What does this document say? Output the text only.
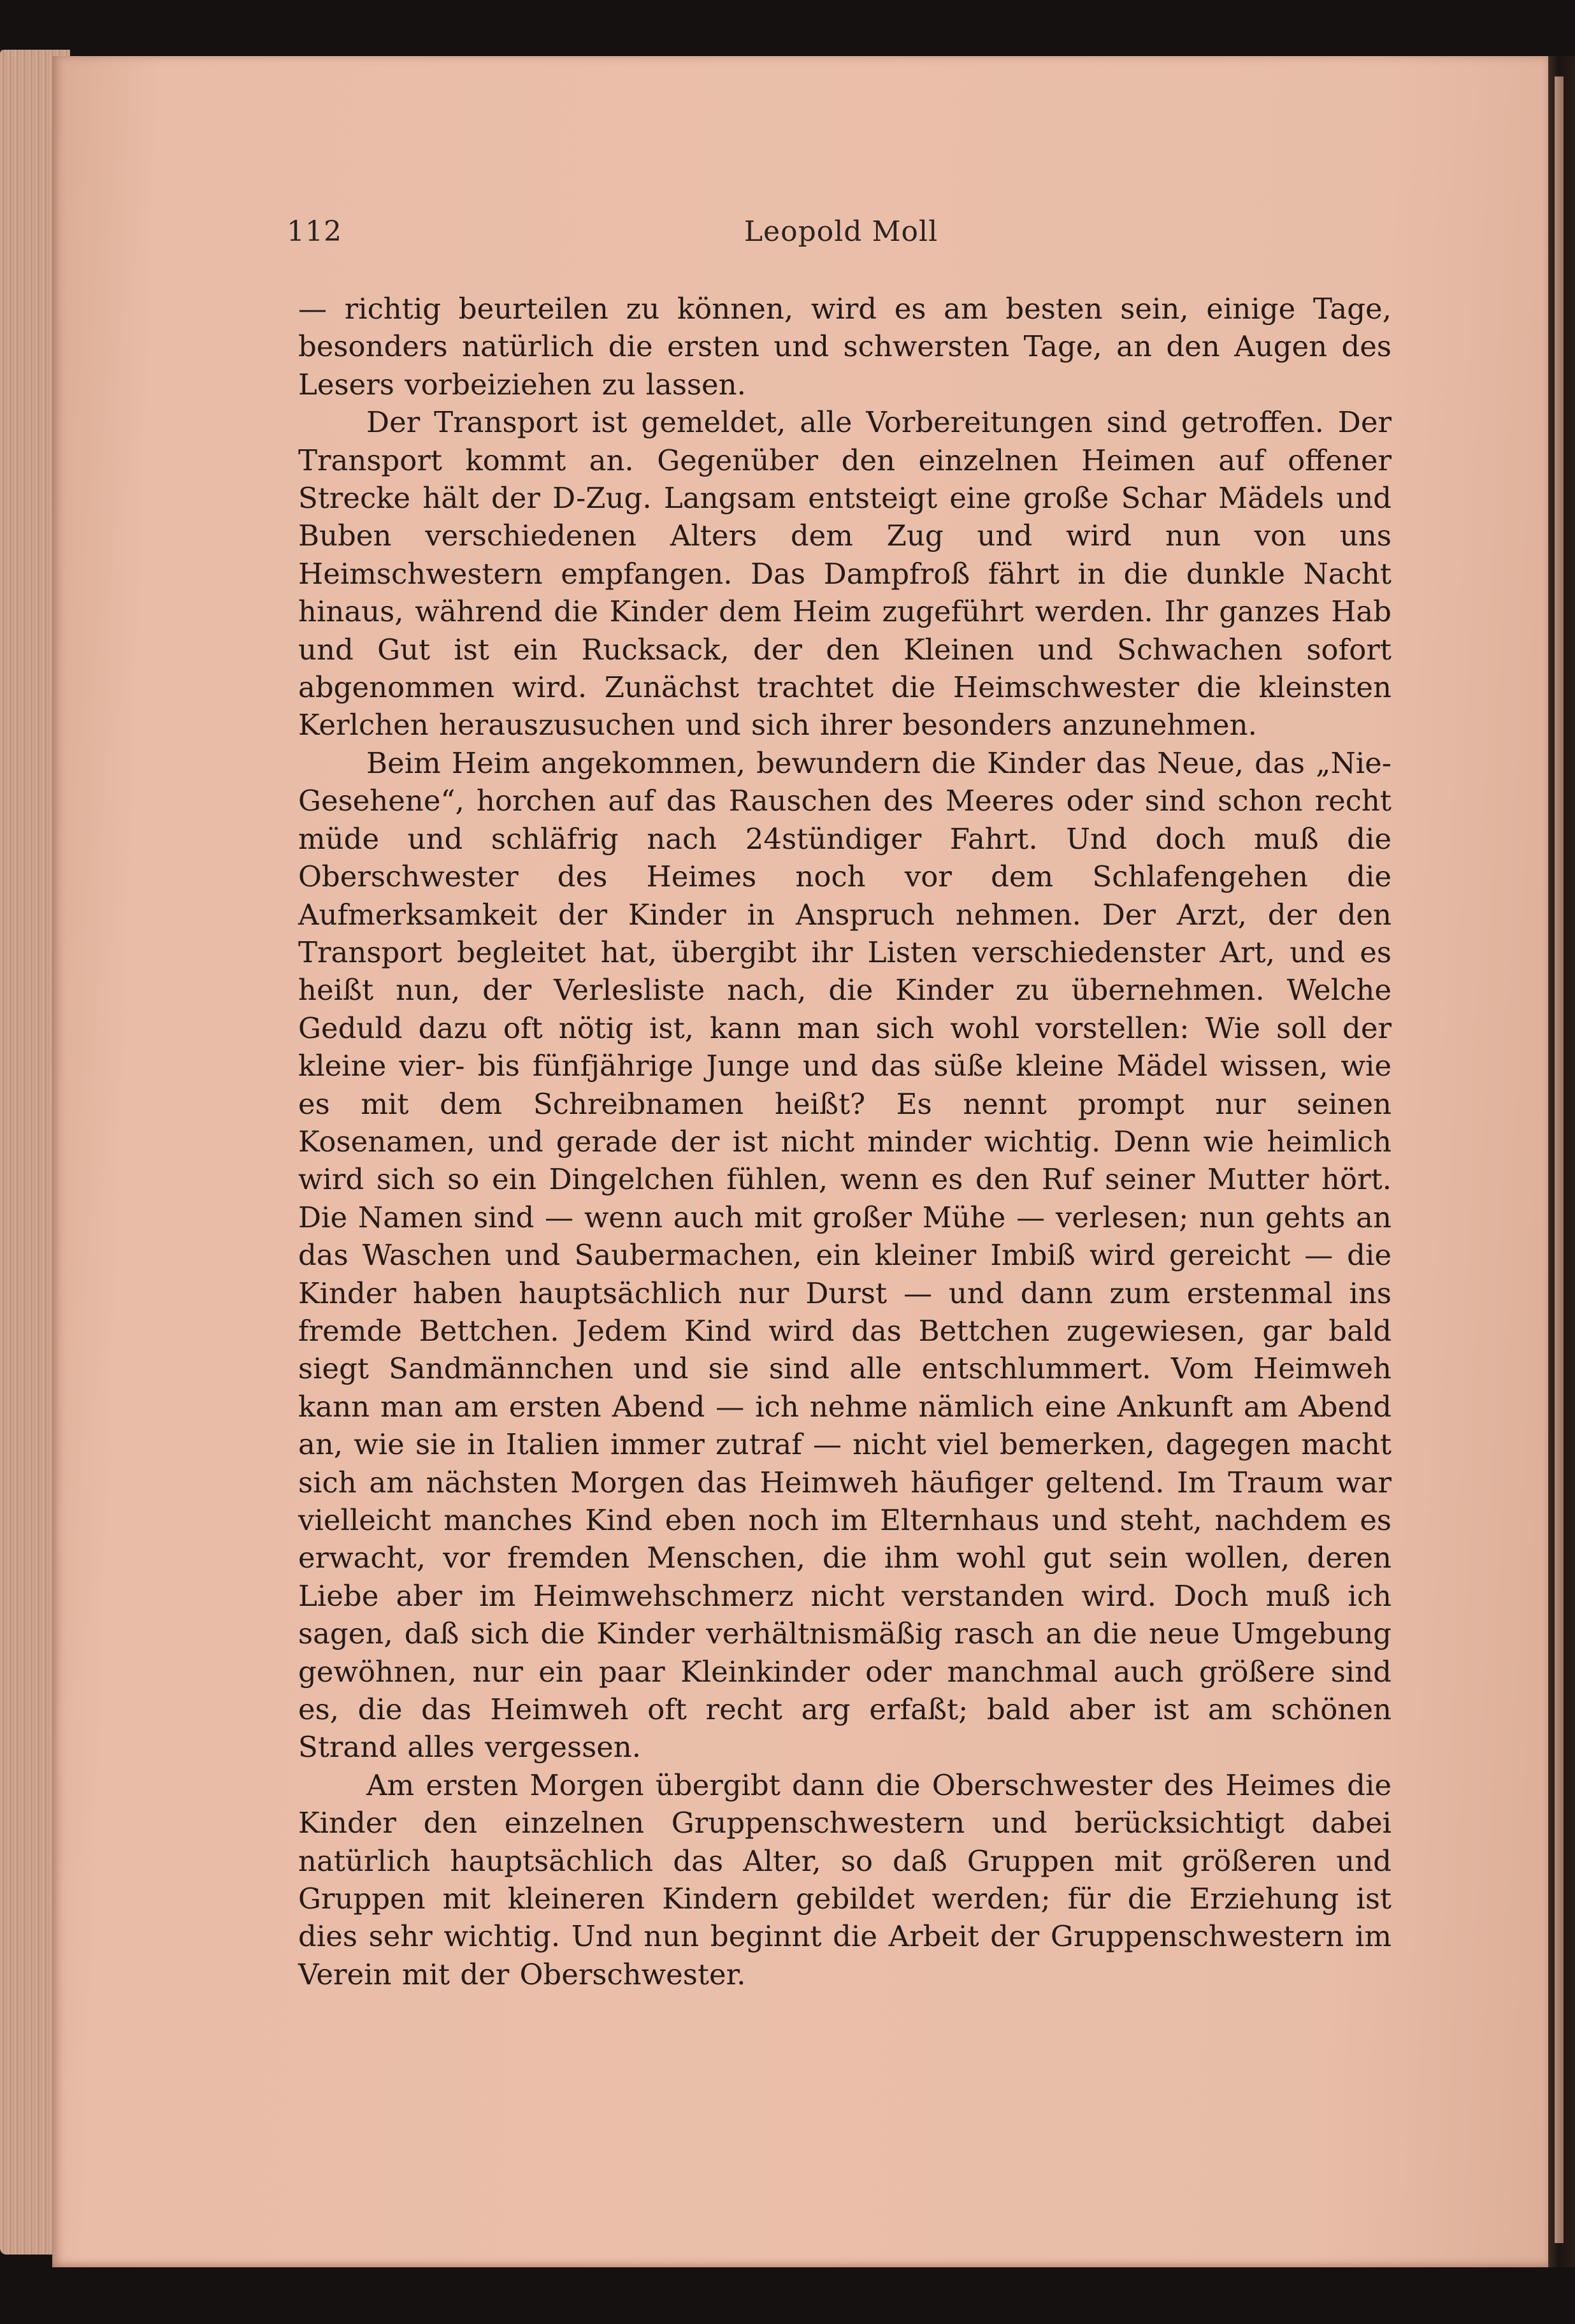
112	Leopold Moll

— richtig beurteilen zu können, wird es am besten sein, einige Tage, besonders natürlich die ersten und schwersten Tage, an den Augen des Lesers vorbeiziehen zu lassen.

Der Transport ist gemeldet, alle Vorbereitungen sind getroffen. Der Transport kommt an. Gegenüber den einzelnen Heimen auf offener Strecke hält der D-Zug. Langsam entsteigt eine große Schar Mädels und Buben verschiedenen Alters dem Zug und wird nun von uns Heimschwestern empfangen. Das Dampfroß fährt in die dunkle Nacht hinaus, während die Kinder dem Heim zugeführt werden. Ihr ganzes Hab und Gut ist ein Rucksack, der den Kleinen und Schwachen sofort abgenommen wird. Zunächst trachtet die Heimschwester die kleinsten Kerlchen herauszusuchen und sich ihrer besonders anzunehmen.

Beim Heim angekommen, bewundern die Kinder das Neue, das „Nie-Gesehene“, horchen auf das Rauschen des Meeres oder sind schon recht müde und schläfrig nach 24stündiger Fahrt. Und doch muß die Oberschwester des Heimes noch vor dem Schlafengehen die Aufmerksamkeit der Kinder in Anspruch nehmen. Der Arzt, der den Transport begleitet hat, übergibt ihr Listen verschiedenster Art, und es heißt nun, der Verlesliste nach, die Kinder zu übernehmen. Welche Geduld dazu oft nötig ist, kann man sich wohl vorstellen: Wie soll der kleine vier- bis fünfjährige Junge und das süße kleine Mädel wissen, wie es mit dem Schreibnamen heißt? Es nennt prompt nur seinen Kosenamen, und gerade der ist nicht minder wichtig. Denn wie heimlich wird sich so ein Dingelchen fühlen, wenn es den Ruf seiner Mutter hört. Die Namen sind — wenn auch mit großer Mühe — verlesen; nun gehts an das Waschen und Saubermachen, ein kleiner Imbiß wird gereicht — die Kinder haben hauptsächlich nur Durst — und dann zum erstenmal ins fremde Bettchen. Jedem Kind wird das Bettchen zugewiesen, gar bald siegt Sandmännchen und sie sind alle entschlummert. Vom Heimweh kann man am ersten Abend — ich nehme nämlich eine Ankunft am Abend an, wie sie in Italien immer zutraf — nicht viel bemerken, dagegen macht sich am nächsten Morgen das Heimweh häufiger geltend. Im Traum war vielleicht manches Kind eben noch im Elternhaus und steht, nachdem es erwacht, vor fremden Menschen, die ihm wohl gut sein wollen, deren Liebe aber im Heimwehschmerz nicht verstanden wird. Doch muß ich sagen, daß sich die Kinder verhältnismäßig rasch an die neue Umgebung gewöhnen, nur ein paar Kleinkinder oder manchmal auch größere sind es, die das Heimweh oft recht arg erfaßt; bald aber ist am schönen Strand alles vergessen.

Am ersten Morgen übergibt dann die Oberschwester des Heimes die Kinder den einzelnen Gruppenschwestern und berücksichtigt dabei natürlich hauptsächlich das Alter, so daß Gruppen mit größeren und Gruppen mit kleineren Kindern gebildet werden; für die Erziehung ist dies sehr wichtig. Und nun beginnt die Arbeit der Gruppenschwestern im Verein mit der Oberschwester.
